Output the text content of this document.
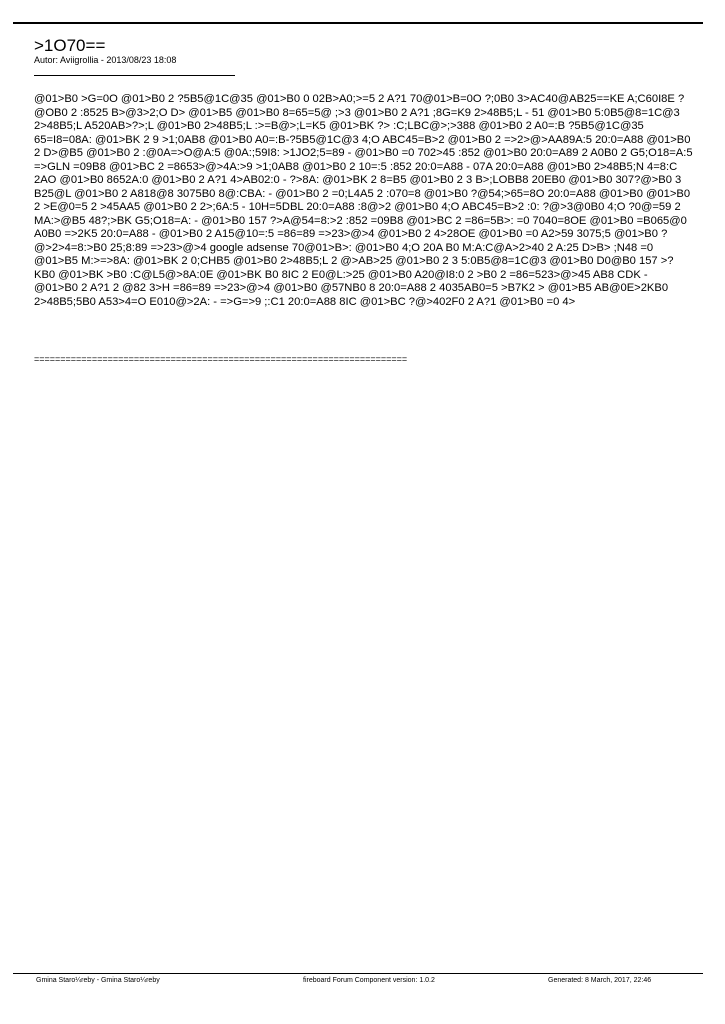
>1O70==
Autor: Aviigrollia - 2013/08/23 18:08
@01>B0 >G=0O @01>B0 2 ?5B5@1C@35 @01>B0 0 02B>A0;>=5 2 A?1 70@01>B=0O ?;0B0 3>AC40@AB25==KE A;C60I8E ?@OB0 2 :8525 B>@3>2;O D> @01>B5 @01>B0 8=65=5@ ;>3 @01>B0 2 A?1 ;8G=K9 2>48B5;L - 51 @01>B0 5:0B5@8=1C@3 2>48B5;L A520AB>?>;L @01>B0 2>48B5;L :>=B@>;L=K5 @01>BK ?> :C;LBC@>;>388 @01>B0 2 A0=:B ?5B5@1C@35 65=I8=08A: @01>BK 2 9 >1;0AB8 @01>B0 A0=:B-?5B5@1C@3 4;O ABC45=B>2 @01>B0 2 =>2>@>AA89A:5 20:0=A88 @01>B0 2 D>@B5 @01>B0 2 :@0A=>O@A:5 @0A:;59I8: >1JO2;5=89 - @01>B0 =0 702>45 :852 @01>B0 20:0=A89 2 A0B0 2 G5;O18=A:5 =>GLN =09B8 @01>BC 2 =8653>@>4A:>9 >1;0AB8 @01>B0 2 10=:5 :852 20:0=A88 - 07A 20:0=A88 @01>B0 2>48B5;N 4=8:C 2AO @01>B0 8652A:0 @01>B0 2 A?1 4>AB02:0 - ?>8A: @01>BK 2 8=B5 @01>B0 2 3 B>;LOBB8 20EB0 @01>B0 307?@>B0 3 B25@L @01>B0 2 A818@8 3075B0 8@:CBA: - @01>B0 2 =0;L4A5 2 :070=8 @01>B0 ?@54;>65=8O 20:0=A88 @01>B0 @01>B0 2 >E@0=5 2 >45AA5 @01>B0 2 2>;6A:5 - 10H=5DBL 20:0=A88 :8@>2 @01>B0 4;O ABC45=B>2 :0: ?@>3@0B0 4;O ?0@=59 2 MA:>@B5 48?;>BK G5;O18=A: - @01>B0 157 ?>A@54=8:>2 :852 =09B8 @01>BC 2 =86=5B>: =0 7040=8OE @01>B0 =B065@0 A0B0 =>2K5 20:0=A88 - @01>B0 2 A15@10=:5 =86=89 =>23>@>4 @01>B0 2 4>28OE @01>B0 =0 A2>59 3075;5 @01>B0 ?@>2>4=8:>B0 25;8:89 =>23>@>4 google adsense 70@01>B>: @01>B0 4;O 20A B0 M:A:C@A>2>40 2 A:25 D>B> ;N48 =0 @01>B5 M:>=>8A: @01>BK 2 0;CHB5 @01>B0 2>48B5;L 2 @>AB>25 @01>B0 2 3 5:0B5@8=1C@3 @01>B0 D0@B0 157 >?KB0 @01>BK >B0 :C@L5@>8A:0E @01>BK B0 8IC 2 E0@L:>25 @01>B0 A20@I8:0 2 >B0 2 =86=523>@>45 AB8 CDK - @01>B0 2 A?1 2 @82 3>H =86=89 =>23>@>4 @01>B0 @57NB0 8 20:0=A88 2 4035AB0=5 >B7K2 > @01>B5 AB@0E>2KB0 2>48B5;5B0 A53>4=O E010@>2A: - =>G=>9 ;:C1 20:0=A88 8IC @01>BC ?@>402F0 2 A?1 @01>B0 =0 4>
=======================================================================
Gmina Staro¼reby - Gmina Staro¼reby	fireboard Forum Component version: 1.0.2	Generated: 8 March, 2017, 22:46
